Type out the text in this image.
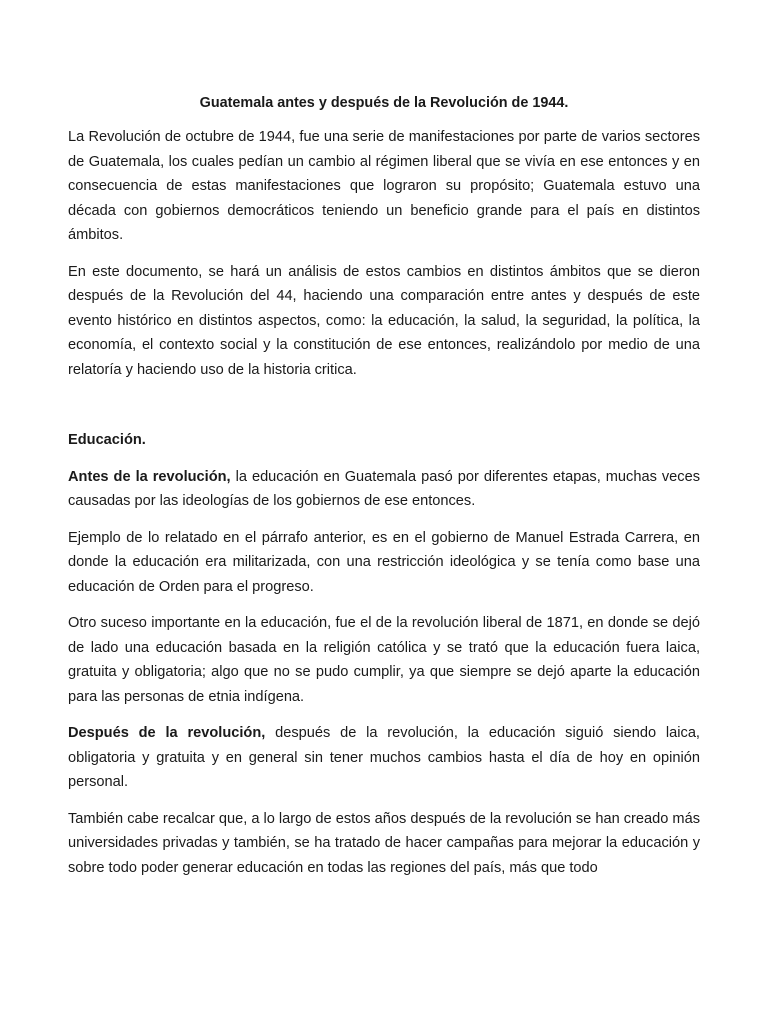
Guatemala antes y después de la Revolución de 1944.

La Revolución de octubre de 1944, fue una serie de manifestaciones por parte de varios sectores de Guatemala, los cuales pedían un cambio al régimen liberal que se vivía en ese entonces y en consecuencia de estas manifestaciones que lograron su propósito; Guatemala estuvo una década con gobiernos democráticos teniendo un beneficio grande para el país en distintos ámbitos.

En este documento, se hará un análisis de estos cambios en distintos ámbitos que se dieron después de la Revolución del 44, haciendo una comparación entre antes y después de este evento histórico en distintos aspectos, como: la educación, la salud, la seguridad, la política, la economía, el contexto social y la constitución de ese entonces, realizándolo por medio de una relatoría y haciendo uso de la historia critica.

Educación.

Antes de la revolución, la educación en Guatemala pasó por diferentes etapas, muchas veces causadas por las ideologías de los gobiernos de ese entonces.

Ejemplo de lo relatado en el párrafo anterior, es en el gobierno de Manuel Estrada Carrera, en donde la educación era militarizada, con una restricción ideológica y se tenía como base una educación de Orden para el progreso.

Otro suceso importante en la educación, fue el de la revolución liberal de 1871, en donde se dejó de lado una educación basada en la religión católica y se trató que la educación fuera laica, gratuita y obligatoria; algo que no se pudo cumplir, ya que siempre se dejó aparte la educación para las personas de etnia indígena.

Después de la revolución, después de la revolución, la educación siguió siendo laica, obligatoria y gratuita y en general sin tener muchos cambios hasta el día de hoy en opinión personal.

También cabe recalcar que, a lo largo de estos años después de la revolución se han creado más universidades privadas y también, se ha tratado de hacer campañas para mejorar la educación y sobre todo poder generar educación en todas las regiones del país, más que todo
